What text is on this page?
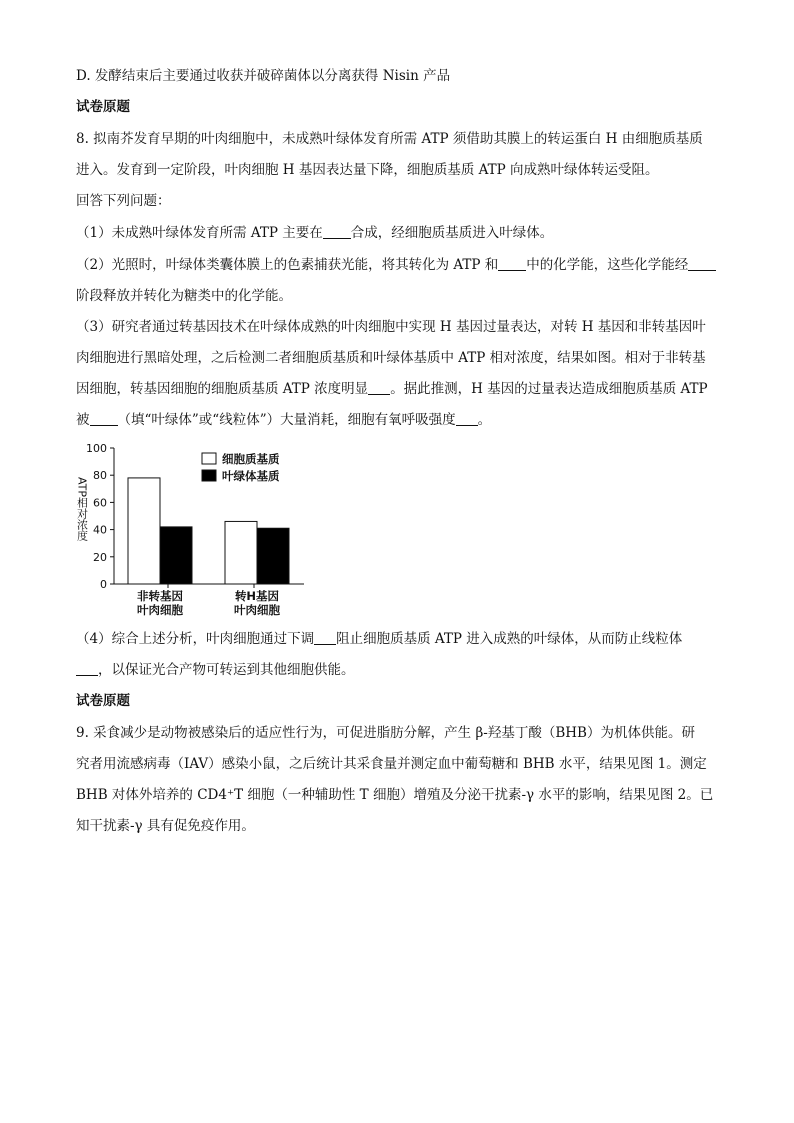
D. 发酵结束后主要通过收获并破碎菌体以分离获得 Nisin 产品
试卷原题
8. 拟南芥发育早期的叶肉细胞中，未成熟叶绿体发育所需 ATP 须借助其膜上的转运蛋白 H 由细胞质基质
进入。发育到一定阶段，叶肉细胞 H 基因表达量下降，细胞质基质 ATP 向成熟叶绿体转运受阻。
回答下列问题：
（1）未成熟叶绿体发育所需 ATP 主要在 合成，经细胞质基质进入叶绿体。
（2）光照时，叶绿体类囊体膜上的色素捕获光能，将其转化为 ATP 和 中的化学能，这些化学能经
阶段释放并转化为糖类中的化学能。
（3）研究者通过转基因技术在叶绿体成熟的叶肉细胞中实现 H 基因过量表达，对转 H 基因和非转基因叶
肉细胞进行黑暗处理，之后检测二者细胞质基质和叶绿体基质中 ATP 相对浓度，结果如图。相对于非转基
因细胞，转基因细胞的细胞质基质 ATP 浓度明显 。据此推测，H 基因的过量表达造成细胞质基质 ATP
被 （填“叶绿体”或“线粒体”）大量消耗，细胞有氧呼吸强度 。
0
20
40
60
80
100
ATP相对浓度
非转基因
叶肉细胞
转H基因
叶肉细胞
细胞质基质
叶绿体基质
（4）综合上述分析，叶肉细胞通过下调 阻止细胞质基质 ATP 进入成熟的叶绿体，从而防止线粒体
，以保证光合产物可转运到其他细胞供能。
试卷原题
9. 采食减少是动物被感染后的适应性行为，可促进脂肪分解，产生 β-羟基丁酸（BHB）为机体供能。研
究者用流感病毒（IAV）感染小鼠，之后统计其采食量并测定血中葡萄糖和 BHB 水平，结果见图 1。测定
BHB 对体外培养的 CD4⁺T 细胞（一种辅助性 T 细胞）增殖及分泌干扰素-γ 水平的影响，结果见图 2。已
知干扰素-γ 具有促免疫作用。
